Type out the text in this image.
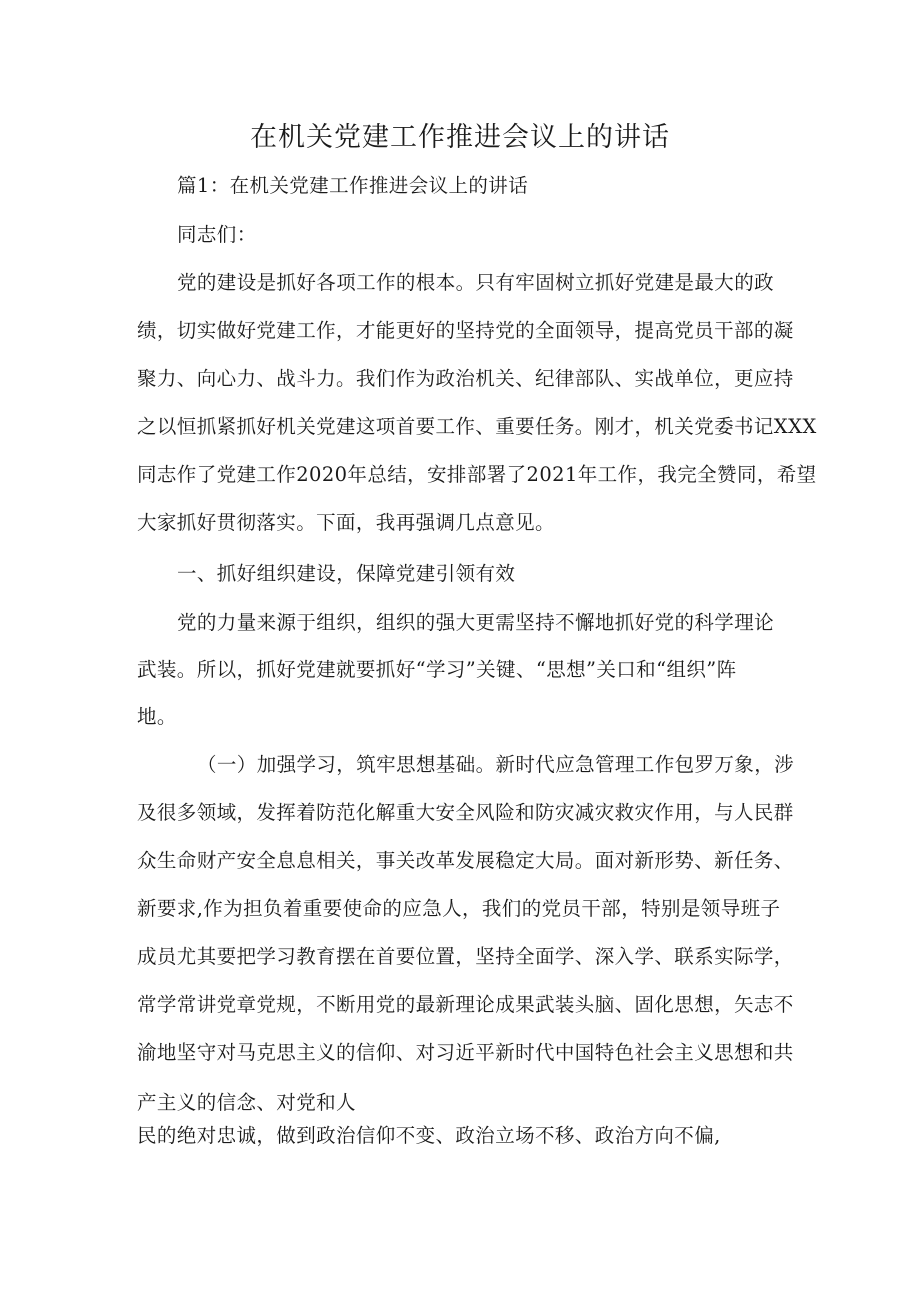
在机关党建工作推进会议上的讲话

篇1：在机关党建工作推进会议上的讲话

同志们：

党的建设是抓好各项工作的根本。只有牢固树立抓好党建是最大的政

绩，切实做好党建工作，才能更好的坚持党的全面领导，提高党员干部的凝

聚力、向心力、战斗力。我们作为政治机关、纪律部队、实战单位，更应持

之以恒抓紧抓好机关党建这项首要工作、重要任务。刚才，机关党委书记XXX

同志作了党建工作2020年总结，安排部署了2021年工作，我完全赞同，希望

大家抓好贯彻落实。下面，我再强调几点意见。

一、抓好组织建设，保障党建引领有效

党的力量来源于组织，组织的强大更需坚持不懈地抓好党的科学理论

武装。所以，抓好党建就要抓好“学习”关键、“思想”关口和“组织”阵

地。

（一）加强学习，筑牢思想基础。新时代应急管理工作包罗万象，涉

及很多领域，发挥着防范化解重大安全风险和防灾减灾救灾作用，与人民群

众生命财产安全息息相关，事关改革发展稳定大局。面对新形势、新任务、

新要求,作为担负着重要使命的应急人，我们的党员干部，特别是领导班子

成员尤其要把学习教育摆在首要位置，坚持全面学、深入学、联系实际学，

常学常讲党章党规，不断用党的最新理论成果武装头脑、固化思想，矢志不

渝地坚守对马克思主义的信仰、对习近平新时代中国特色社会主义思想和共

产主义的信念、对党和人

民的绝对忠诚，做到政治信仰不变、政治立场不移、政治方向不偏,
